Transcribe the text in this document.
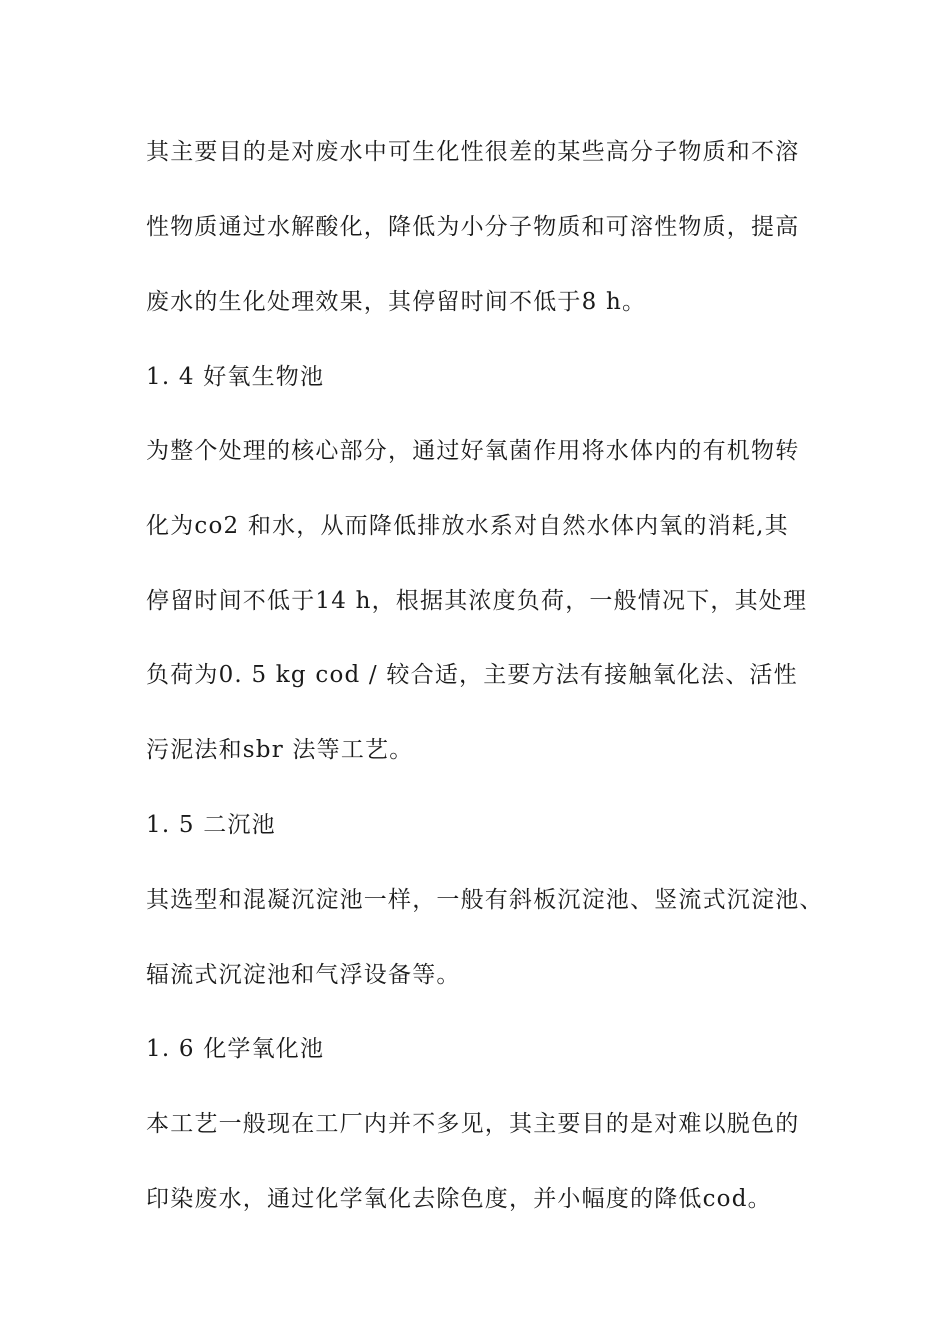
其主要目的是对废水中可生化性很差的某些高分子物质和不溶
性物质通过水解酸化，降低为小分子物质和可溶性物质，提高
废水的生化处理效果，其停留时间不低于8 h。
1. 4 好氧生物池
为整个处理的核心部分，通过好氧菌作用将水体内的有机物转
化为co2 和水，从而降低排放水系对自然水体内氧的消耗,其
停留时间不低于14 h，根据其浓度负荷，一般情况下，其处理
负荷为0. 5 kg cod / 较合适，主要方法有接触氧化法、活性
污泥法和sbr 法等工艺。
1. 5 二沉池
其选型和混凝沉淀池一样，一般有斜板沉淀池、竖流式沉淀池、
辐流式沉淀池和气浮设备等。
1. 6 化学氧化池
本工艺一般现在工厂内并不多见，其主要目的是对难以脱色的
印染废水，通过化学氧化去除色度，并小幅度的降低cod。
